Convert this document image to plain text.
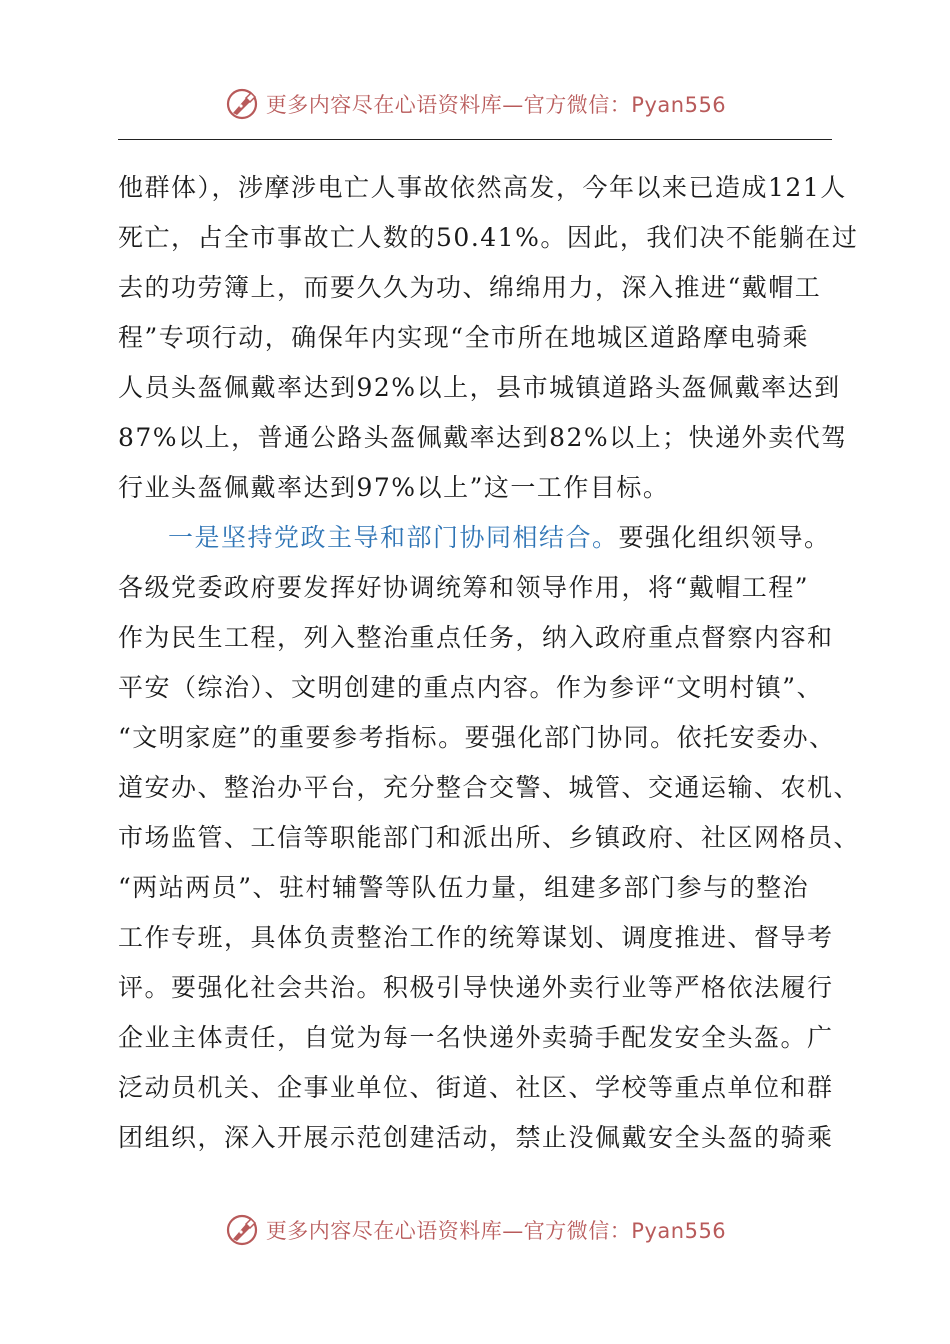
更多内容尽在心语资料库—官方微信：Pyan556
他群体），涉摩涉电亡人事故依然高发，今年以来已造成121人
死亡，占全市事故亡人数的50.41%。因此，我们决不能躺在过
去的功劳簿上，而要久久为功、绵绵用力，深入推进“戴帽工
程”专项行动，确保年内实现“全市所在地城区道路摩电骑乘
人员头盔佩戴率达到92%以上，县市城镇道路头盔佩戴率达到
87%以上，普通公路头盔佩戴率达到82%以上；快递外卖代驾
行业头盔佩戴率达到97%以上”这一工作目标。
一是坚持党政主导和部门协同相结合。要强化组织领导。
各级党委政府要发挥好协调统筹和领导作用，将“戴帽工程”
作为民生工程，列入整治重点任务，纳入政府重点督察内容和
平安（综治）、文明创建的重点内容。作为参评“文明村镇”、
“文明家庭”的重要参考指标。要强化部门协同。依托安委办、
道安办、整治办平台，充分整合交警、城管、交通运输、农机、
市场监管、工信等职能部门和派出所、乡镇政府、社区网格员、
“两站两员”、驻村辅警等队伍力量，组建多部门参与的整治
工作专班，具体负责整治工作的统筹谋划、调度推进、督导考
评。要强化社会共治。积极引导快递外卖行业等严格依法履行
企业主体责任，自觉为每一名快递外卖骑手配发安全头盔。广
泛动员机关、企事业单位、街道、社区、学校等重点单位和群
团组织，深入开展示范创建活动，禁止没佩戴安全头盔的骑乘
更多内容尽在心语资料库—官方微信：Pyan556
